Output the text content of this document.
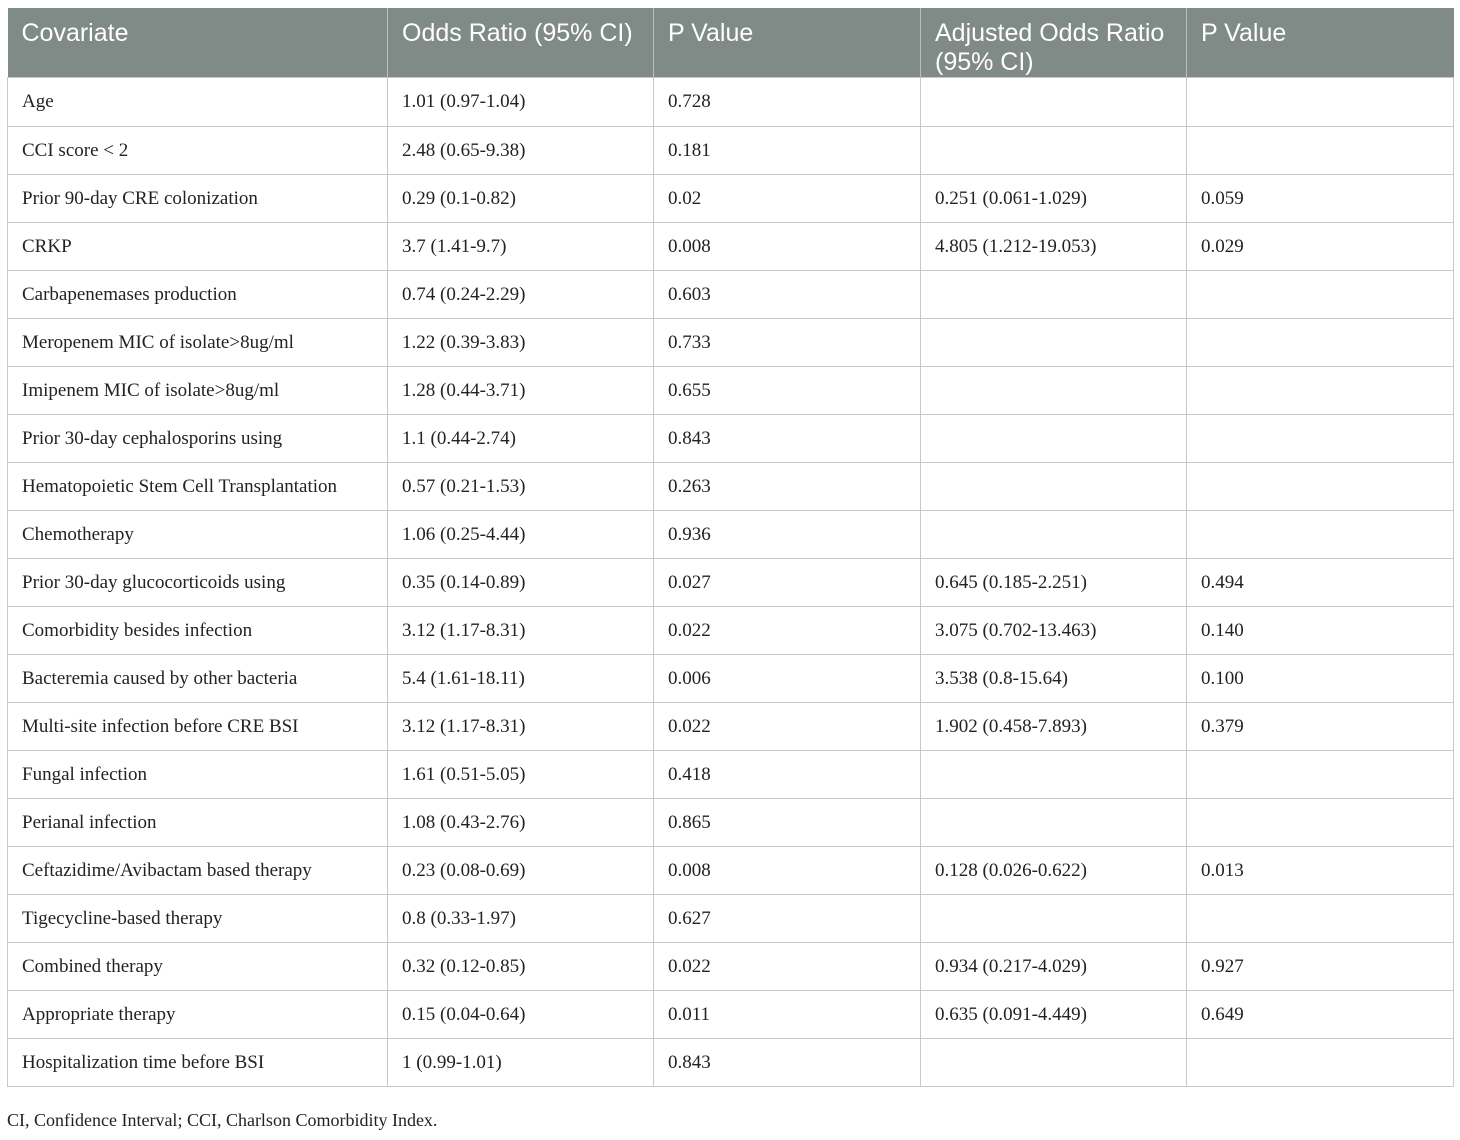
Covariate	Odds Ratio (95% CI)	P Value	Adjusted Odds Ratio (95% CI)	P Value
Age	1.01 (0.97-1.04)	0.728		
CCI score < 2	2.48 (0.65-9.38)	0.181		
Prior 90-day CRE colonization	0.29 (0.1-0.82)	0.02	0.251 (0.061-1.029)	0.059
CRKP	3.7 (1.41-9.7)	0.008	4.805 (1.212-19.053)	0.029
Carbapenemases production	0.74 (0.24-2.29)	0.603		
Meropenem MIC of isolate>8ug/ml	1.22 (0.39-3.83)	0.733		
Imipenem MIC of isolate>8ug/ml	1.28 (0.44-3.71)	0.655		
Prior 30-day cephalosporins using	1.1 (0.44-2.74)	0.843		
Hematopoietic Stem Cell Transplantation	0.57 (0.21-1.53)	0.263		
Chemotherapy	1.06 (0.25-4.44)	0.936		
Prior 30-day glucocorticoids using	0.35 (0.14-0.89)	0.027	0.645 (0.185-2.251)	0.494
Comorbidity besides infection	3.12 (1.17-8.31)	0.022	3.075 (0.702-13.463)	0.140
Bacteremia caused by other bacteria	5.4 (1.61-18.11)	0.006	3.538 (0.8-15.64)	0.100
Multi-site infection before CRE BSI	3.12 (1.17-8.31)	0.022	1.902 (0.458-7.893)	0.379
Fungal infection	1.61 (0.51-5.05)	0.418		
Perianal infection	1.08 (0.43-2.76)	0.865		
Ceftazidime/Avibactam based therapy	0.23 (0.08-0.69)	0.008	0.128 (0.026-0.622)	0.013
Tigecycline-based therapy	0.8 (0.33-1.97)	0.627		
Combined therapy	0.32 (0.12-0.85)	0.022	0.934 (0.217-4.029)	0.927
Appropriate therapy	0.15 (0.04-0.64)	0.011	0.635 (0.091-4.449)	0.649
Hospitalization time before BSI	1 (0.99-1.01)	0.843		
CI, Confidence Interval; CCI, Charlson Comorbidity Index.
